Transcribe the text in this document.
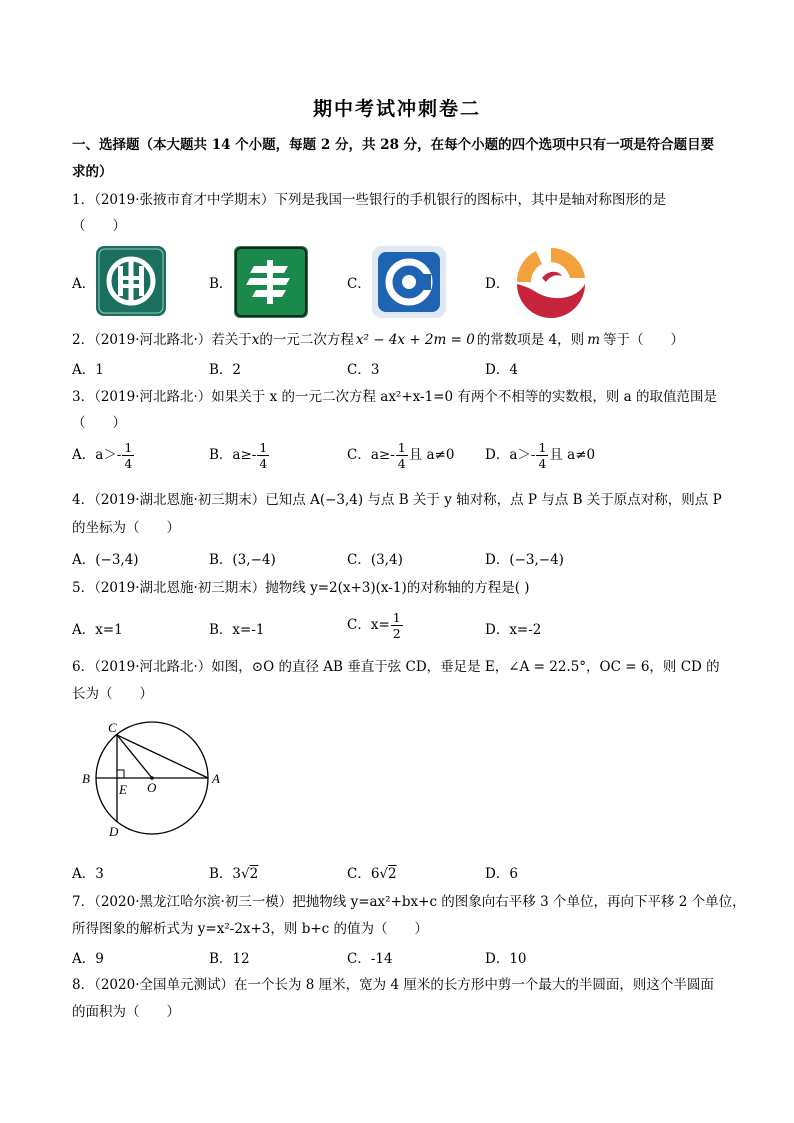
期中考试冲刺卷二
一、选择题（本大题共 14 个小题，每题 2 分，共 28 分，在每个小题的四个选项中只有一项是符合题目要
求的）
1．（2019·张掖市育才中学期末）下列是我国一些银行的手机银行的图标中，其中是轴对称图形的是
（　　）
A．	B．	C．	D．
2．（2019·河北路北·）若关于x的一元二次方程 x² − 4x + 2m = 0 的常数项是 4，则 m 等于（　　）
A．1	B．2	C．3	D．4
3．（2019·河北路北·）如果关于 x 的一元二次方程 ax²+x-1=0 有两个不相等的实数根，则 a 的取值范围是
（　　）
A．$a>- \frac{1}{4}$	B．$a\ge- \frac{1}{4}$	C．$a\ge- \frac{1}{4}$ 且 a≠0 D．$a>- \frac{1}{4}$ 且 a≠0
4．（2019·湖北恩施·初三期末）已知点 A(−3,4) 与点 B 关于 y 轴对称，点 P 与点 B 关于原点对称，则点 P
的坐标为（　　）
A．(−3,4)	B．(3,−4)	C．(3,4)	D．(−3,−4)
5．（2019·湖北恩施·初三期末）抛物线 y=2(x+3)(x-1)的对称轴的方程是( )
A．x=1	B．x=-1	C．$x= \frac{1}{2}$	D．x=-2
6．（2019·河北路北·）如图，⊙O 的直径 AB 垂直于弦 CD，垂足是 E，∠A = 22.5°，OC = 6，则 CD 的
长为（　　）
C
B
E O
A
D
A．3	B．3√2	C．6√2	D．6
7．（2020·黑龙江哈尔滨·初三一模）把抛物线 y=ax²+bx+c 的图象向右平移 3 个单位，再向下平移 2 个单位，
所得图象的解析式为 y=x²-2x+3，则 b+c 的值为（　　）
A．9	B．12	C．-14	D．10
8．（2020·全国单元测试）在一个长为 8 厘米，宽为 4 厘米的长方形中剪一个最大的半圆面，则这个半圆面
的面积为（　　）
